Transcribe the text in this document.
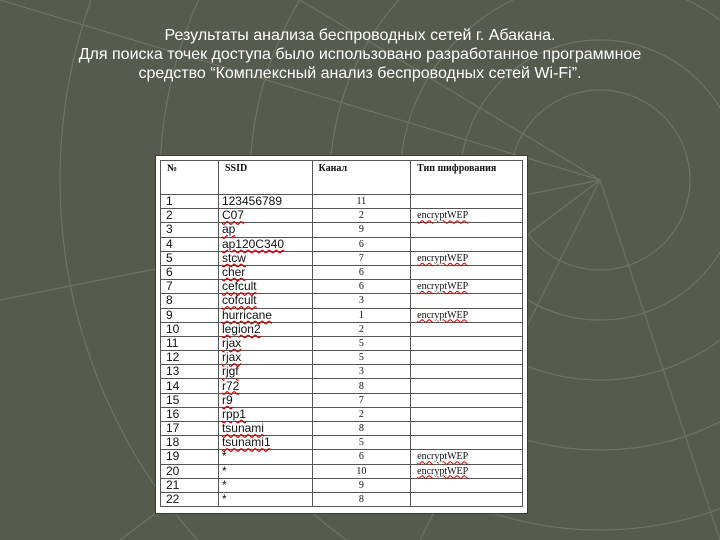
Результаты анализа беспроводных сетей г. Абакана.
Для поиска точек доступа было использовано разработанное программное
средство “Комплексный анализ беспроводных сетей Wi-Fi”.
№	SSID	Канал	Тип шифрования
1	123456789	11	
2	C07	2	encryptWEP
3	ap	9	
4	ap120C340	6	
5	stcw	7	encryptWEP
6	cher	6	
7	cefcult	6	encryptWEP
8	cofcult	3	
9	hurricane	1	encryptWEP
10	legion2	2	
11	rjax	5	
12	rjax	5	
13	rjgf	3	
14	r72	8	
15	r9	7	
16	rpp1	2	
17	tsunami	8	
18	tsunami1	5	
19	*	6	encryptWEP
20	*	10	encryptWEP
21	*	9	
22	*	8	
